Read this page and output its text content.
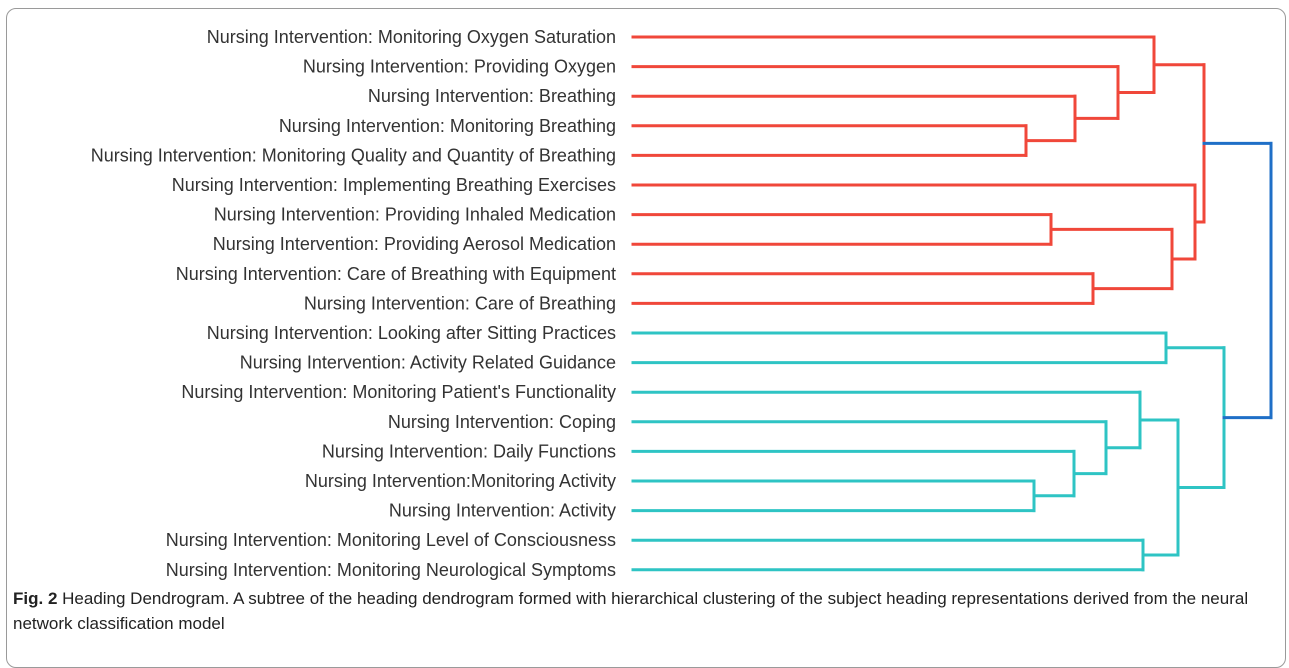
Nursing Intervention: Monitoring Oxygen Saturation
Nursing Intervention: Providing Oxygen
Nursing Intervention: Breathing
Nursing Intervention: Monitoring Breathing
Nursing Intervention: Monitoring Quality and Quantity of Breathing
Nursing Intervention: Implementing Breathing Exercises
Nursing Intervention: Providing Inhaled Medication
Nursing Intervention: Providing Aerosol Medication
Nursing Intervention: Care of Breathing with Equipment
Nursing Intervention: Care of Breathing
Nursing Intervention: Looking after Sitting Practices
Nursing Intervention: Activity Related Guidance
Nursing Intervention: Monitoring Patient's Functionality
Nursing Intervention: Coping
Nursing Intervention: Daily Functions
Nursing Intervention:Monitoring Activity
Nursing Intervention: Activity
Nursing Intervention: Monitoring Level of Consciousness
Nursing Intervention: Monitoring Neurological Symptoms
Fig. 2 Heading Dendrogram. A subtree of the heading dendrogram formed with hierarchical clustering of the subject heading representations derived from the neural network classification model
